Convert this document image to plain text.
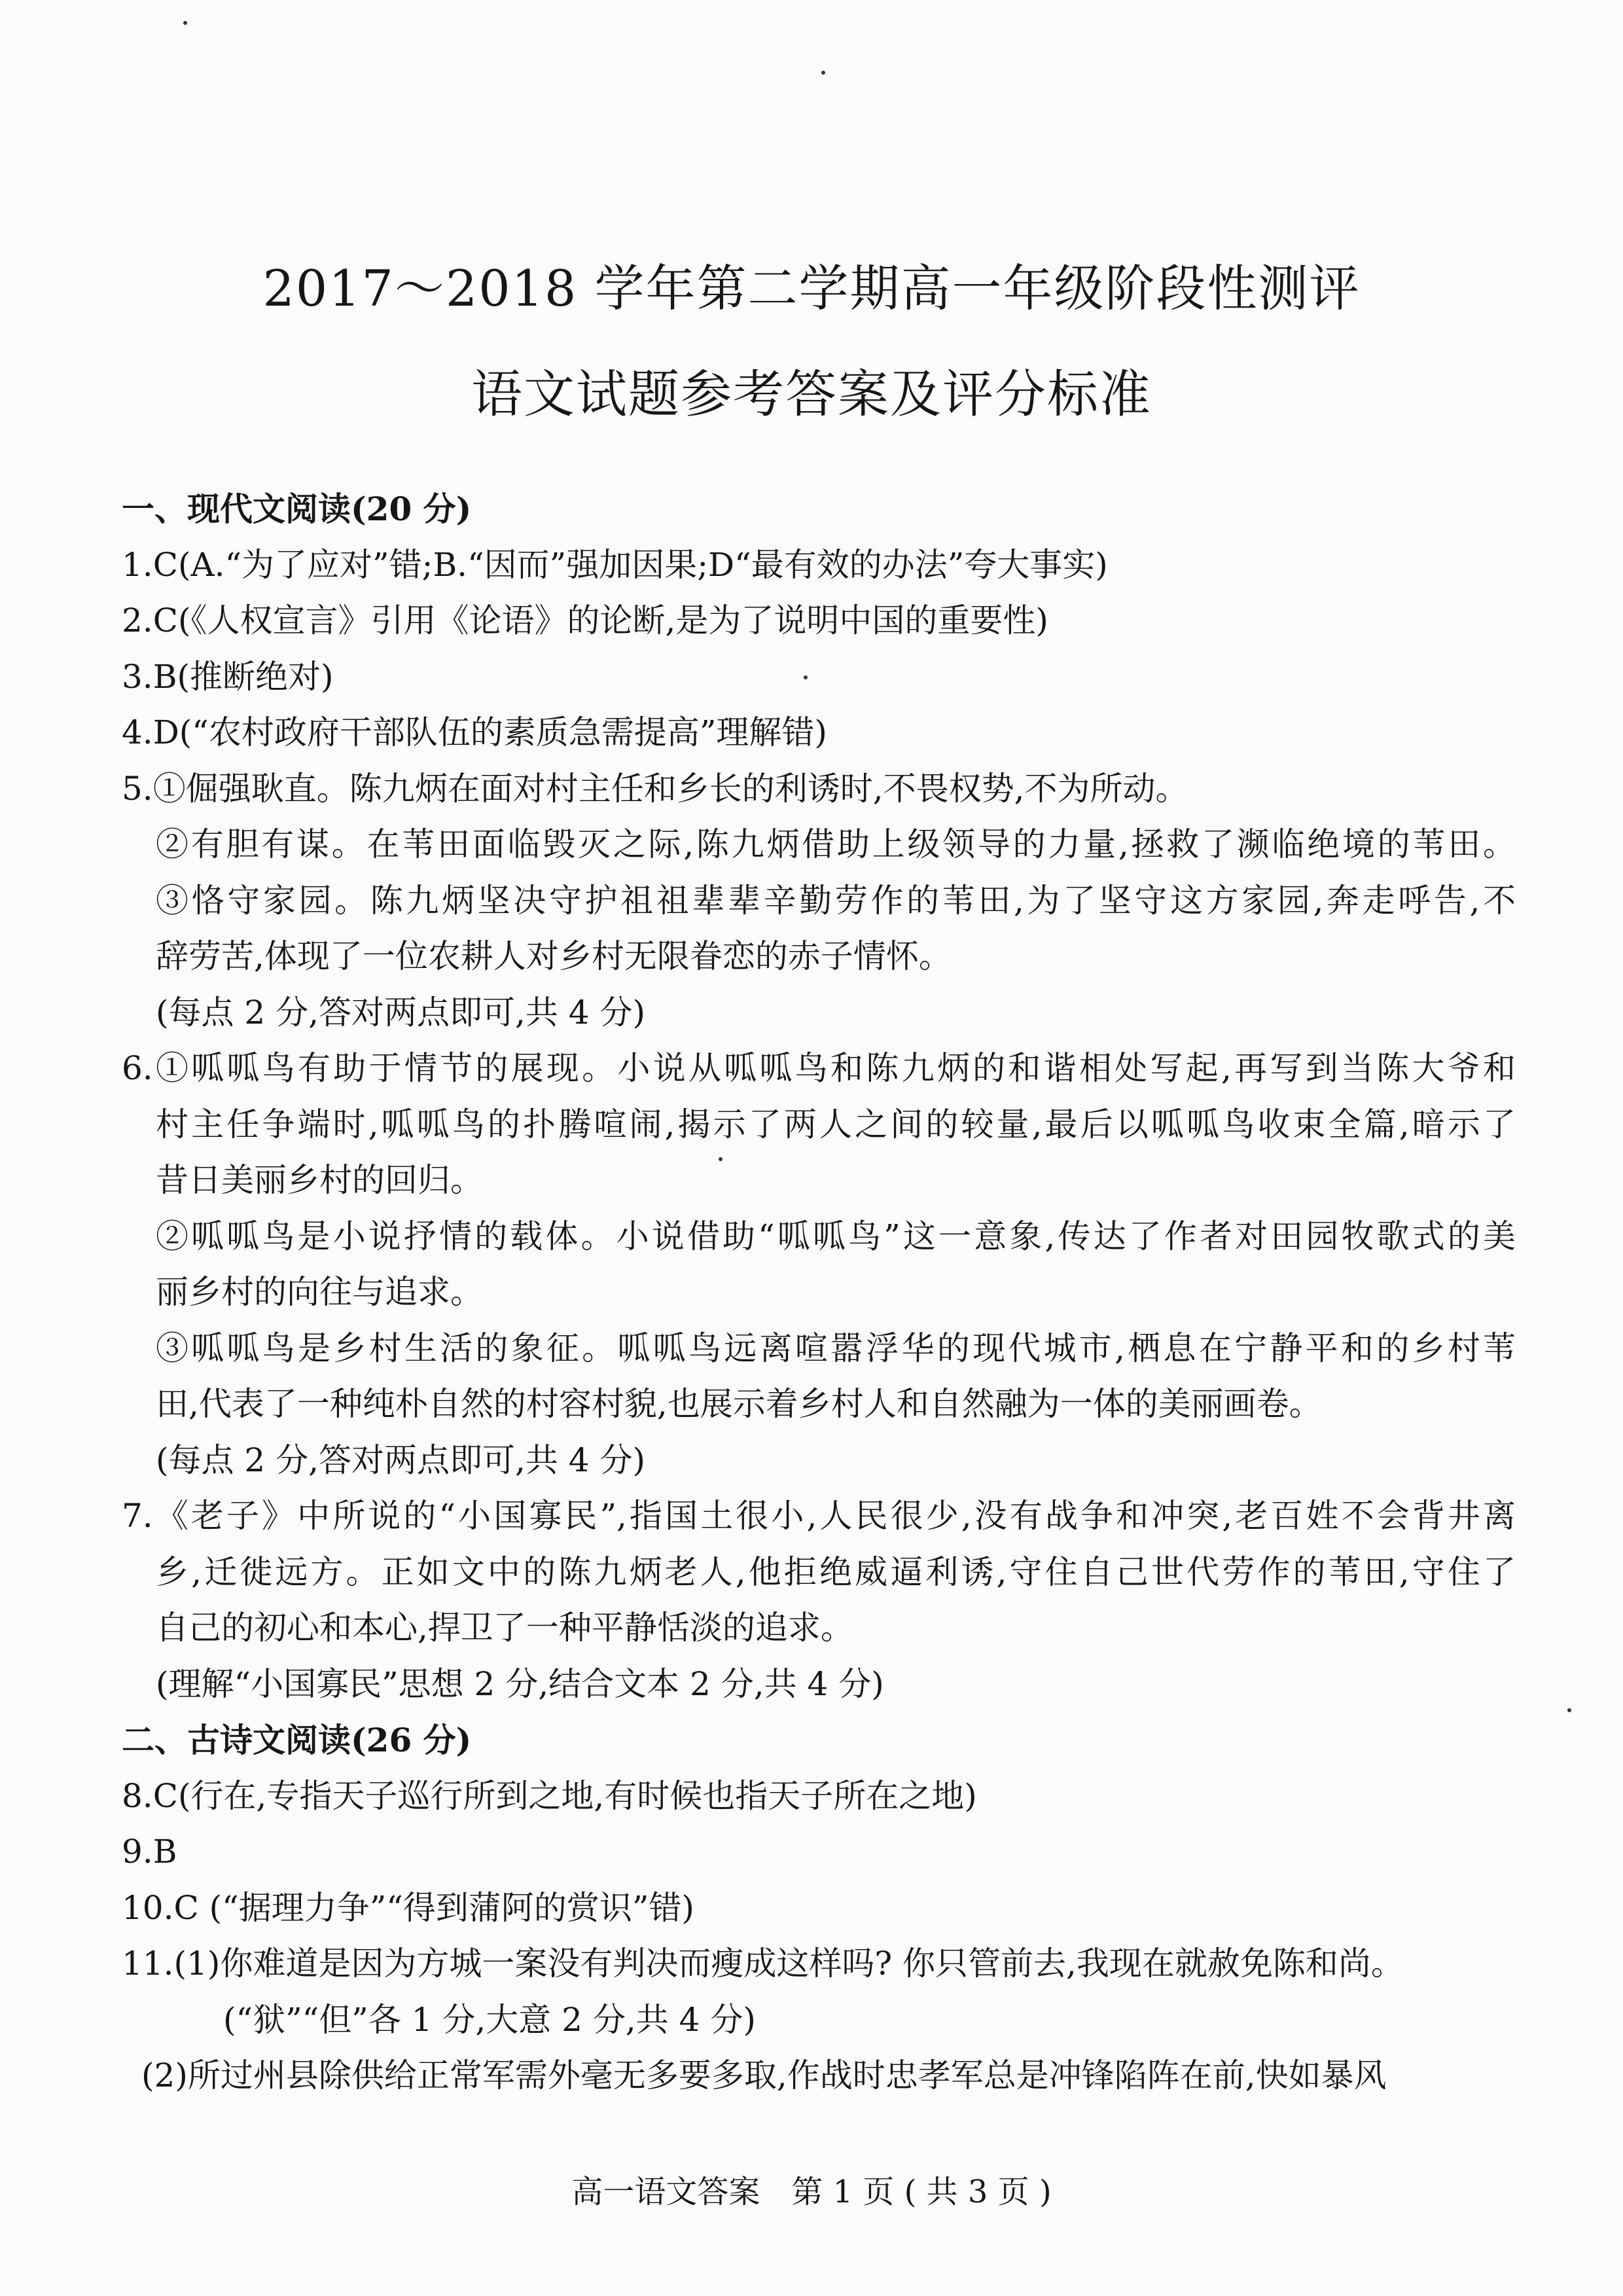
2017～2018 学年第二学期高一年级阶段性测评
语文试题参考答案及评分标准
一、现代文阅读(20 分)
1.C(A.“为了应对”错;B.“因而”强加因果;D“最有效的办法”夸大事实)
2.C(《人权宣言》引用《论语》的论断,是为了说明中国的重要性)
3.B(推断绝对)
4.D(“农村政府干部队伍的素质急需提高”理解错)
5.①倔强耿直。陈九炳在面对村主任和乡长的利诱时,不畏权势,不为所动。
②有胆有谋。在苇田面临毁灭之际,陈九炳借助上级领导的力量,拯救了濒临绝境的苇田。
③恪守家园。陈九炳坚决守护祖祖辈辈辛勤劳作的苇田,为了坚守这方家园,奔走呼告,不
辞劳苦,体现了一位农耕人对乡村无限眷恋的赤子情怀。
(每点 2 分,答对两点即可,共 4 分)
6.①呱呱鸟有助于情节的展现。小说从呱呱鸟和陈九炳的和谐相处写起,再写到当陈大爷和
村主任争端时,呱呱鸟的扑腾喧闹,揭示了两人之间的较量,最后以呱呱鸟收束全篇,暗示了
昔日美丽乡村的回归。
②呱呱鸟是小说抒情的载体。小说借助“呱呱鸟”这一意象,传达了作者对田园牧歌式的美
丽乡村的向往与追求。
③呱呱鸟是乡村生活的象征。呱呱鸟远离喧嚣浮华的现代城市,栖息在宁静平和的乡村苇
田,代表了一种纯朴自然的村容村貌,也展示着乡村人和自然融为一体的美丽画卷。
(每点 2 分,答对两点即可,共 4 分)
7.《老子》中所说的“小国寡民”,指国土很小,人民很少,没有战争和冲突,老百姓不会背井离
乡,迁徙远方。正如文中的陈九炳老人,他拒绝威逼利诱,守住自己世代劳作的苇田,守住了
自己的初心和本心,捍卫了一种平静恬淡的追求。
(理解“小国寡民”思想 2 分,结合文本 2 分,共 4 分)
二、古诗文阅读(26 分)
8.C(行在,专指天子巡行所到之地,有时候也指天子所在之地)
9.B
10.C (“据理力争”“得到蒲阿的赏识”错)
11.(1)你难道是因为方城一案没有判决而瘦成这样吗? 你只管前去,我现在就赦免陈和尚。
(“狱”“但”各 1 分,大意 2 分,共 4 分)
(2)所过州县除供给正常军需外毫无多要多取,作战时忠孝军总是冲锋陷阵在前,快如暴风
高一语文答案　第 1 页 ( 共 3 页 )
